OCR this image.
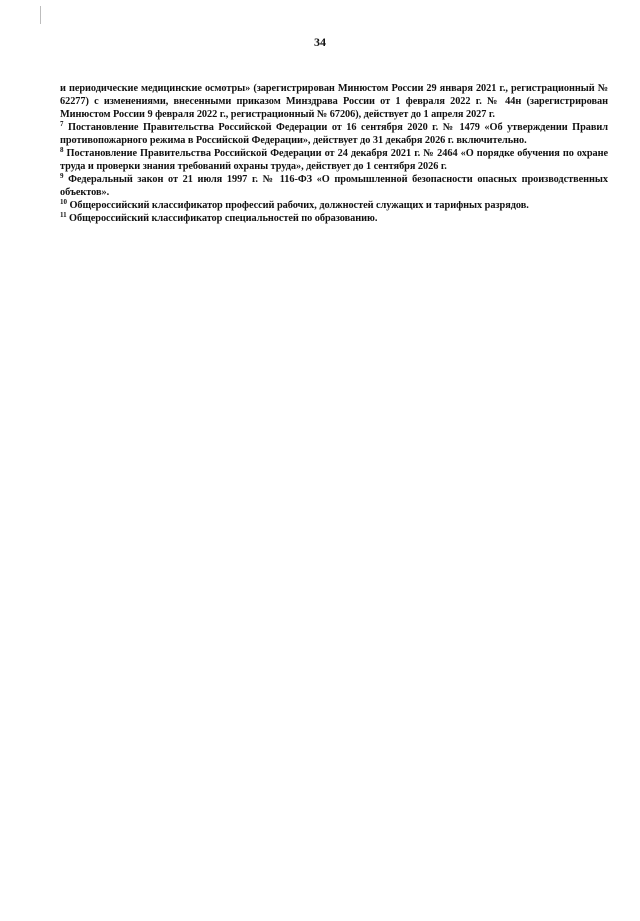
34

и периодические медицинские осмотры» (зарегистрирован Минюстом России 29 января 2021 г., регистрационный № 62277) с изменениями, внесенными приказом Минздрава России от 1 февраля 2022 г. № 44н (зарегистрирован Минюстом России 9 февраля 2022 г., регистрационный № 67206), действует до 1 апреля 2027 г.

$^7$ Постановление Правительства Российской Федерации от 16 сентября 2020 г. № 1479 «Об утверждении Правил противопожарного режима в Российской Федерации», действует до 31 декабря 2026 г. включительно.

$^8$ Постановление Правительства Российской Федерации от 24 декабря 2021 г. № 2464 «О порядке обучения по охране труда и проверки знания требований охраны труда», действует до 1 сентября 2026 г.

$^9$ Федеральный закон от 21 июля 1997 г. № 116-ФЗ «О промышленной безопасности опасных производственных объектов».

$^{10}$ Общероссийский классификатор профессий рабочих, должностей служащих и тарифных разрядов.

$^{11}$ Общероссийский классификатор специальностей по образованию.
